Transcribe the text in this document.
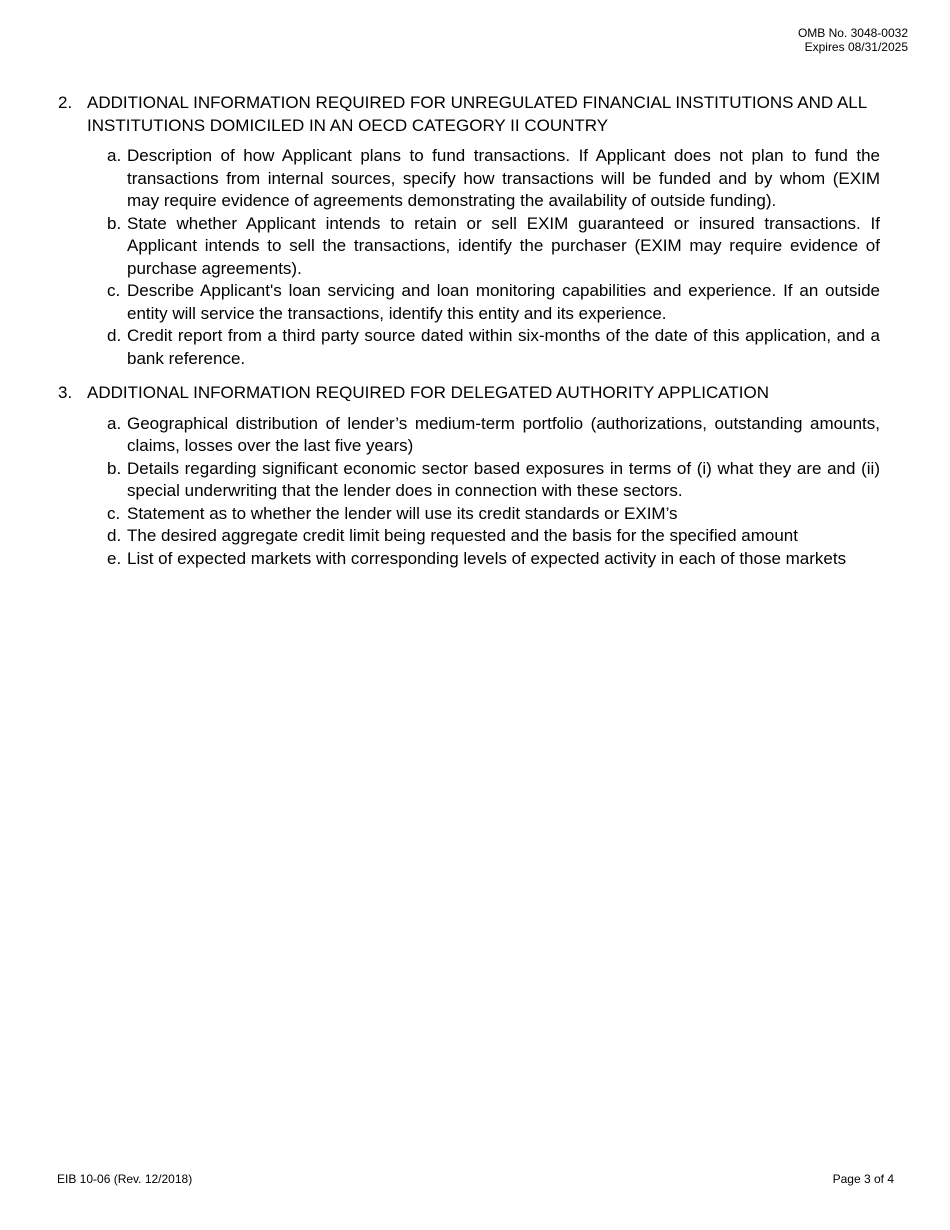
OMB No. 3048-0032
Expires 08/31/2025
2. ADDITIONAL INFORMATION REQUIRED FOR UNREGULATED FINANCIAL INSTITUTIONS AND ALL INSTITUTIONS DOMICILED IN AN OECD CATEGORY II COUNTRY

a. Description of how Applicant plans to fund transactions. If Applicant does not plan to fund the transactions from internal sources, specify how transactions will be funded and by whom (EXIM may require evidence of agreements demonstrating the availability of outside funding).
b. State whether Applicant intends to retain or sell EXIM guaranteed or insured transactions. If Applicant intends to sell the transactions, identify the purchaser (EXIM may require evidence of purchase agreements).
c. Describe Applicant's loan servicing and loan monitoring capabilities and experience. If an outside entity will service the transactions, identify this entity and its experience.
d. Credit report from a third party source dated within six-months of the date of this application, and a bank reference.
3. ADDITIONAL INFORMATION REQUIRED FOR DELEGATED AUTHORITY APPLICATION

a. Geographical distribution of lender’s medium-term portfolio (authorizations, outstanding amounts, claims, losses over the last five years)
b. Details regarding significant economic sector based exposures in terms of (i) what they are and (ii) special underwriting that the lender does in connection with these sectors.
c. Statement as to whether the lender will use its credit standards or EXIM’s
d. The desired aggregate credit limit being requested and the basis for the specified amount
e. List of expected markets with corresponding levels of expected activity in each of those markets
EIB 10-06 (Rev. 12/2018)	Page 3 of 4
